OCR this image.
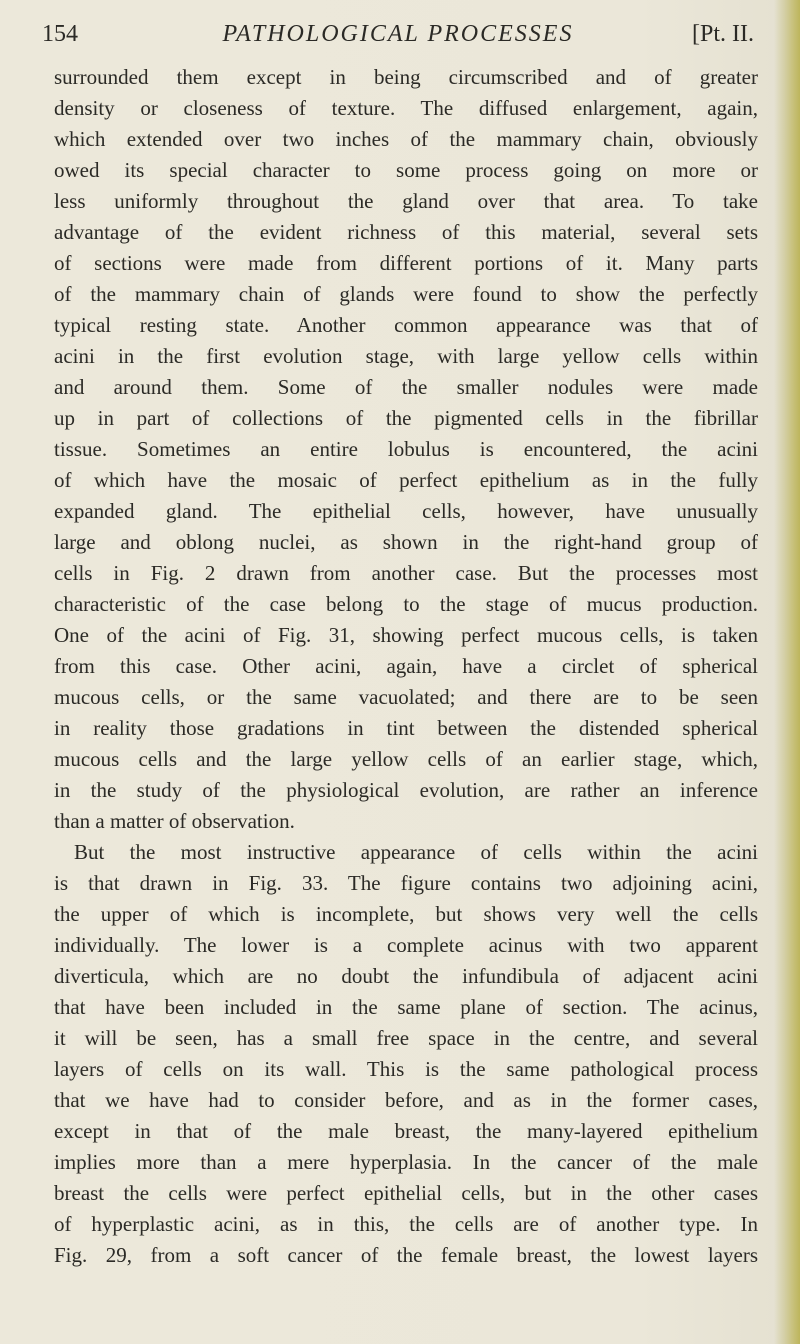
154	PATHOLOGICAL PROCESSES	[Pt. II.
surrounded them except in being circumscribed and of greater
density or closeness of texture. The diffused enlargement, again,
which extended over two inches of the mammary chain, obviously
owed its special character to some process going on more or
less uniformly throughout the gland over that area. To take
advantage of the evident richness of this material, several sets
of sections were made from different portions of it. Many parts
of the mammary chain of glands were found to show the perfectly
typical resting state. Another common appearance was that of
acini in the first evolution stage, with large yellow cells within
and around them. Some of the smaller nodules were made
up in part of collections of the pigmented cells in the fibrillar
tissue. Sometimes an entire lobulus is encountered, the acini
of which have the mosaic of perfect epithelium as in the fully
expanded gland. The epithelial cells, however, have unusually
large and oblong nuclei, as shown in the right-hand group of
cells in Fig. 2 drawn from another case. But the processes most
characteristic of the case belong to the stage of mucus production.
One of the acini of Fig. 31, showing perfect mucous cells, is taken
from this case. Other acini, again, have a circlet of spherical
mucous cells, or the same vacuolated; and there are to be seen
in reality those gradations in tint between the distended spherical
mucous cells and the large yellow cells of an earlier stage, which,
in the study of the physiological evolution, are rather an inference
than a matter of observation.
But the most instructive appearance of cells within the acini
is that drawn in Fig. 33. The figure contains two adjoining acini,
the upper of which is incomplete, but shows very well the cells
individually. The lower is a complete acinus with two apparent
diverticula, which are no doubt the infundibula of adjacent acini
that have been included in the same plane of section. The acinus,
it will be seen, has a small free space in the centre, and several
layers of cells on its wall. This is the same pathological process
that we have had to consider before, and as in the former cases,
except in that of the male breast, the many-layered epithelium
implies more than a mere hyperplasia. In the cancer of the male
breast the cells were perfect epithelial cells, but in the other cases
of hyperplastic acini, as in this, the cells are of another type. In
Fig. 29, from a soft cancer of the female breast, the lowest layers
